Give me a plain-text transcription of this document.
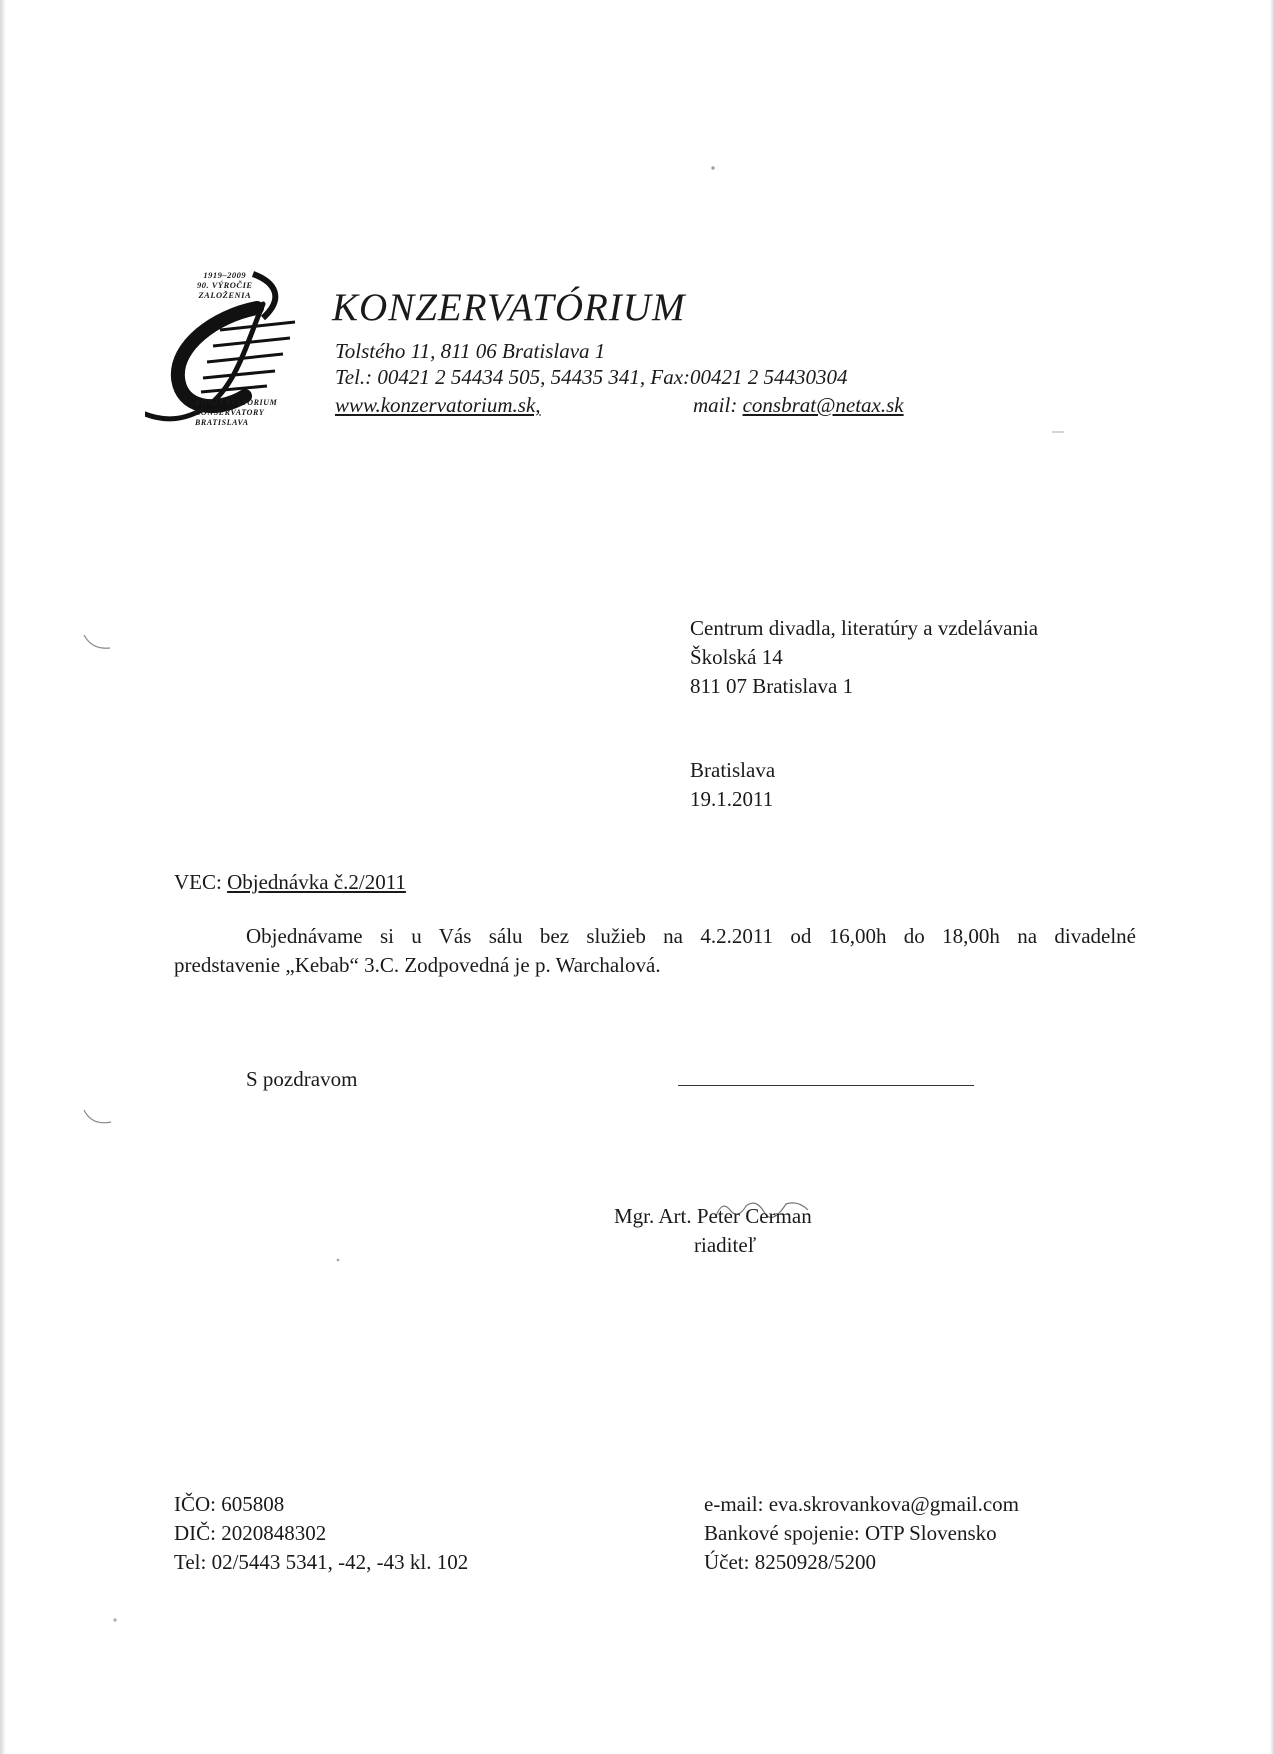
1919–2009
90. VÝROČIE
ZALOŽENIA
KONZERVATÓRIUM
CONSERVATORY
BRATISLAVA
KONZERVATÓRIUM
Tolstého 11, 811 06 Bratislava 1
Tel.: 00421 2 54434 505, 54435 341, Fax:00421 2 54430304
www.konzervatorium.sk,	mail: consbrat@netax.sk
Centrum divadla, literatúry a vzdelávania
Školská 14
811 07 Bratislava 1
Bratislava
19.1.2011
VEC: Objednávka č.2/2011
Objednávame si u Vás sálu bez služieb na 4.2.2011 od 16,00h do 18,00h na divadelné
predstavenie „Kebab“ 3.C. Zodpovedná je p. Warchalová.
S pozdravom
Mgr. Art. Peter Cerman
riaditeľ
IČO: 605808
DIČ: 2020848302
Tel: 02/5443 5341, -42, -43 kl. 102
e-mail: eva.skrovankova@gmail.com
Bankové spojenie: OTP Slovensko
Účet: 8250928/5200
